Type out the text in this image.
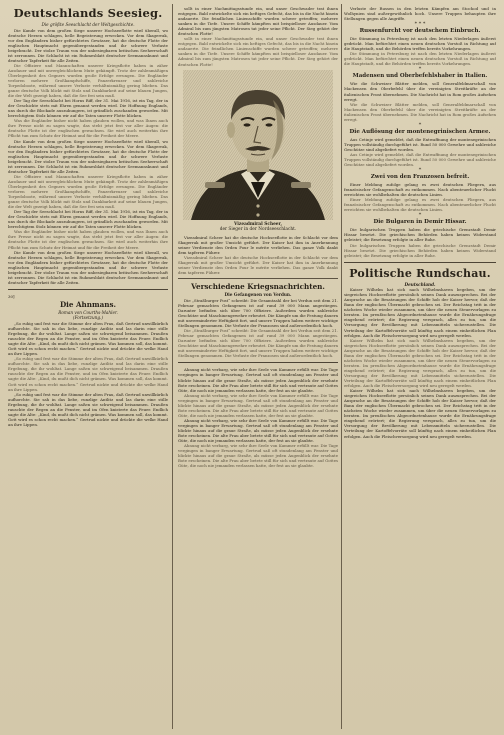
Deutschlands Seesieg.
Die größte Seeschlacht der Weltgeschichte.

Die Kunde von dem großen Siege unserer Hochseeflotte wird überall, wo deutsche Herzen schlagen, helle Begeisterung erwecken. Vor dem Skagerrak, vor den Engländern bisher gefürchtetes Gewässer, hat die deutsche Flotte der englischen Hauptmacht gegenübergestanden und ihr schwere Verluste beigebracht. Der stolze Traum von der unbesiegbaren britischen Seeherrschaft ist zerronnen. Die Schlacht ist ein Ruhmesblatt deutscher Seemannskunst und deutscher Tapferkeit für alle Zeiten.

Die Offiziere und Mannschaften unserer Kriegsflotte haben in zäher Ausdauer und mit unvergleichlichem Mute gekämpft. Trotz der zahlenmäßigen Überlegenheit des Gegners wurden große Erfolge errungen. Die Engländer verloren mehrere Großkampfschiffe, Panzerkreuzer und zahlreiche Torpedoboote, während unsere Verluste verhältnismäßig gering blieben. Das ganze deutsche Volk blickt mit Stolz und Dankbarkeit auf seine blauen Jungen, die der Welt gezeigt haben, daß die See frei sein muß.

Der Tag der Seeschlacht bei Horns Riff, der 31. Mai 1916, ist ein Tag, der in der Geschichte stets mit Ehren genannt werden wird. Die Hoffnung Englands, uns durch die Blockade auszuhungern, ist gründlich zuschanden geworden. Mit berechtigtem Stolz können wir auf die Taten unserer Flotte blicken.

Was die Engländer bisher nicht haben glauben wollen, und was Ihnen auch ihre Presse nicht zu sagen wagte, das steht jetzt fest vor aller Augen: die deutsche Flotte ist der englischen gewachsen. Sie wird auch weiterhin ihre Pflicht tun zum Schutz der Heimat und für die Freiheit der Meere.

Die Kunde von dem großen Siege unserer Hochseeflotte wird überall, wo deutsche Herzen schlagen, helle Begeisterung erwecken. Vor dem Skagerrak, vor den Engländern bisher gefürchtetes Gewässer, hat die deutsche Flotte der englischen Hauptmacht gegenübergestanden und ihr schwere Verluste beigebracht. Der stolze Traum von der unbesiegbaren britischen Seeherrschaft ist zerronnen. Die Schlacht ist ein Ruhmesblatt deutscher Seemannskunst und deutscher Tapferkeit für alle Zeiten.

Die Offiziere und Mannschaften unserer Kriegsflotte haben in zäher Ausdauer und mit unvergleichlichem Mute gekämpft. Trotz der zahlenmäßigen Überlegenheit des Gegners wurden große Erfolge errungen. Die Engländer verloren mehrere Großkampfschiffe, Panzerkreuzer und zahlreiche Torpedoboote, während unsere Verluste verhältnismäßig gering blieben. Das ganze deutsche Volk blickt mit Stolz und Dankbarkeit auf seine blauen Jungen, die der Welt gezeigt haben, daß die See frei sein muß.

Der Tag der Seeschlacht bei Horns Riff, der 31. Mai 1916, ist ein Tag, der in der Geschichte stets mit Ehren genannt werden wird. Die Hoffnung Englands, uns durch die Blockade auszuhungern, ist gründlich zuschanden geworden. Mit berechtigtem Stolz können wir auf die Taten unserer Flotte blicken.

Was die Engländer bisher nicht haben glauben wollen, und was Ihnen auch ihre Presse nicht zu sagen wagte, das steht jetzt fest vor aller Augen: die deutsche Flotte ist der englischen gewachsen. Sie wird auch weiterhin ihre Pflicht tun zum Schutz der Heimat und für die Freiheit der Meere.

Die Kunde von dem großen Siege unserer Hochseeflotte wird überall, wo deutsche Herzen schlagen, helle Begeisterung erwecken. Vor dem Skagerrak, vor den Engländern bisher gefürchtetes Gewässer, hat die deutsche Flotte der englischen Hauptmacht gegenübergestanden und ihr schwere Verluste beigebracht. Der stolze Traum von der unbesiegbaren britischen Seeherrschaft ist zerronnen. Die Schlacht ist ein Ruhmesblatt deutscher Seemannskunst und deutscher Tapferkeit für alle Zeiten.

30]
Die Ahnmans.
Roman von Courths-Mahler.
(Fortsetzung.)

„So ruhig und fest war die Stimme der alten Frau, daß Gertrud unwillkürlich aufhorchte. Sie sah in das liebe, runzlige Antlitz und las darin eine stille Ergebung, die ihr wohltat. Lange saßen sie schweigend beisammen. Draußen rauschte der Regen an die Fenster, und im Ofen knisterte das Feuer. Endlich sagte die Alte: „Kind, du mußt dich nicht grämen. Was kommen soll, das kommt. Gott wird es schon recht machen.“ Gertrud nickte und drückte die welke Hand an ihre Lippen.

„So ruhig und fest war die Stimme der alten Frau, daß Gertrud unwillkürlich aufhorchte. Sie sah in das liebe, runzlige Antlitz und las darin eine stille Ergebung, die ihr wohltat. Lange saßen sie schweigend beisammen. Draußen rauschte der Regen an die Fenster, und im Ofen knisterte das Feuer. Endlich sagte die Alte: „Kind, du mußt dich nicht grämen. Was kommen soll, das kommt. Gott wird es schon recht machen.“ Gertrud nickte und drückte die welke Hand an ihre Lippen.

„So ruhig und fest war die Stimme der alten Frau, daß Gertrud unwillkürlich aufhorchte. Sie sah in das liebe, runzlige Antlitz und las darin eine stille Ergebung, die ihr wohltat. Lange saßen sie schweigend beisammen. Draußen rauschte der Regen an die Fenster, und im Ofen knisterte das Feuer. Endlich sagte die Alte: „Kind, du mußt dich nicht grämen. Was kommen soll, das kommt. Gott wird es schon recht machen.“ Gertrud nickte und drückte die welke Hand an ihre Lippen.

sollt in einer Nachmittagsstunde ein, und unser Geschwader trat ihnen entgegen. Bald entwickelte sich ein heftiges Gefecht, das bis in die Nacht hinein andauerte. Die feindlichen Linienschiffe wurden schwer getroffen; mehrere sanken in die Tiefe. Unsere Schiffe kämpften mit beispielloser Ausdauer. Vom Admiral bis zum jüngsten Matrosen tat jeder seine Pflicht. Der Sieg gehört der deutschen Flotte!

sollt in einer Nachmittagsstunde ein, und unser Geschwader trat ihnen entgegen. Bald entwickelte sich ein heftiges Gefecht, das bis in die Nacht hinein andauerte. Die feindlichen Linienschiffe wurden schwer getroffen; mehrere sanken in die Tiefe. Unsere Schiffe kämpften mit beispielloser Ausdauer. Vom Admiral bis zum jüngsten Matrosen tat jeder seine Pflicht. Der Sieg gehört der deutschen Flotte!

Vizeadmiral Scheer,
der Sieger in der Nordseeschlacht.

Vizeadmiral Scheer hat die deutsche Hochseeflotte in der Schlacht vor dem Skagerrak mit großer Umsicht geführt. Der Kaiser hat ihm in Anerkennung seiner Verdienste den Orden Pour le mérite verliehen. Das ganze Volk dankt dem tapferen Führer.

Vizeadmiral Scheer hat die deutsche Hochseeflotte in der Schlacht vor dem Skagerrak mit großer Umsicht geführt. Der Kaiser hat ihm in Anerkennung seiner Verdienste den Orden Pour le mérite verliehen. Das ganze Volk dankt dem tapferen Führer.

Verschiedene Kriegsnachrichten.
Die Gefangenen von Verdun.

Die „Straßburger Post“ schreibt: Die Gesamtzahl der bei Verdun seit dem 21. Februar gemachten Gefangenen ist auf rund 39 000 Mann angestiegen. Darunter befinden sich über 700 Offiziere. Außerdem wurden zahlreiche Geschütze und Maschinengewehre erbeutet. Die Kämpfe um die Festung dauern mit unverminderter Heftigkeit fort, und unsere Truppen haben weitere wichtige Stellungen genommen. Die Verluste der Franzosen sind außerordentlich hoch.

Die „Straßburger Post“ schreibt: Die Gesamtzahl der bei Verdun seit dem 21. Februar gemachten Gefangenen ist auf rund 39 000 Mann angestiegen. Darunter befinden sich über 700 Offiziere. Außerdem wurden zahlreiche Geschütze und Maschinengewehre erbeutet. Die Kämpfe um die Festung dauern mit unverminderter Heftigkeit fort, und unsere Truppen haben weitere wichtige Stellungen genommen. Die Verluste der Franzosen sind außerordentlich hoch.

Ahnung nicht verbarg, wie sehr ihre Seele von Kummer erfüllt war. Die Tage vergingen in banger Erwartung. Gertrud saß oft stundenlang am Fenster und blickte hinaus auf die graue Straße, als müsse jeden Augenblick der ersehnte Bote erscheinen. Die alte Frau aber betete still für sich und vertraute auf Gottes Güte, die noch nie jemanden verlassen hatte, der fest an sie glaubte.

Ahnung nicht verbarg, wie sehr ihre Seele von Kummer erfüllt war. Die Tage vergingen in banger Erwartung. Gertrud saß oft stundenlang am Fenster und blickte hinaus auf die graue Straße, als müsse jeden Augenblick der ersehnte Bote erscheinen. Die alte Frau aber betete still für sich und vertraute auf Gottes Güte, die noch nie jemanden verlassen hatte, der fest an sie glaubte.

Ahnung nicht verbarg, wie sehr ihre Seele von Kummer erfüllt war. Die Tage vergingen in banger Erwartung. Gertrud saß oft stundenlang am Fenster und blickte hinaus auf die graue Straße, als müsse jeden Augenblick der ersehnte Bote erscheinen. Die alte Frau aber betete still für sich und vertraute auf Gottes Güte, die noch nie jemanden verlassen hatte, der fest an sie glaubte.

Ahnung nicht verbarg, wie sehr ihre Seele von Kummer erfüllt war. Die Tage vergingen in banger Erwartung. Gertrud saß oft stundenlang am Fenster und blickte hinaus auf die graue Straße, als müsse jeden Augenblick der ersehnte Bote erscheinen. Die alte Frau aber betete still für sich und vertraute auf Gottes Güte, die noch nie jemanden verlassen hatte, der fest an sie glaubte.

Verluste der Russen in den letzten Kämpfen am Stochod und in Wolhynien sind außergewöhnlich hoch. Unsere Truppen behaupten ihre Stellungen gegen alle Angriffe.

* * *
Russenfurcht vor deutschem Einbruch.

Die Stimmung in Petersburg ist nach den letzten Niederlagen äußerst gedrückt. Man befürchtet einen neuen deutschen Vorstoß in Richtung auf die Hauptstadt, und die Behörden treffen bereits Vorkehrungen.

Die Stimmung in Petersburg ist nach den letzten Niederlagen äußerst gedrückt. Man befürchtet einen neuen deutschen Vorstoß in Richtung auf die Hauptstadt, und die Behörden treffen bereits Vorkehrungen.

*
Madensen und Oberbefehlshaber in Italien.

Wie die Schweizer Blätter melden, soll Generalfeldmarschall von Mackensen den Oberbefehl über die vereinigten Streitkräfte an der italienischen Front übernehmen. Die Nachricht hat in Rom großes Aufsehen erregt.

Wie die Schweizer Blätter melden, soll Generalfeldmarschall von Mackensen den Oberbefehl über die vereinigten Streitkräfte an der italienischen Front übernehmen. Die Nachricht hat in Rom großes Aufsehen erregt.

*
Die Auflösung der montenegrinischen Armee.

Aus Cetinje wird gemeldet, daß die Entwaffnung der montenegrinischen Truppen vollständig durchgeführt ist. Rund 50 000 Gewehre und zahlreiche Geschütze sind abgeliefert worden.

Aus Cetinje wird gemeldet, daß die Entwaffnung der montenegrinischen Truppen vollständig durchgeführt ist. Rund 50 000 Gewehre und zahlreiche Geschütze sind abgeliefert worden.

*
Zwei von den Franzosen befreit.

Einer Meldung zufolge gelang es zwei deutschen Fliegern, aus französischer Gefangenschaft zu entkommen. Nach abenteuerlicher Flucht erreichten sie wohlbehalten die deutschen Linien.

Einer Meldung zufolge gelang es zwei deutschen Fliegern, aus französischer Gefangenschaft zu entkommen. Nach abenteuerlicher Flucht erreichten sie wohlbehalten die deutschen Linien.

*
Die Bulgaren in Demir Hissar.

Die bulgarischen Truppen haben die griechische Grenzstadt Demir Hissar besetzt. Die griechischen Behörden haben keinen Widerstand geleistet; die Besetzung erfolgte in aller Ruhe.

Die bulgarischen Truppen haben die griechische Grenzstadt Demir Hissar besetzt. Die griechischen Behörden haben keinen Widerstand geleistet; die Besetzung erfolgte in aller Ruhe.

Politische Rundschau.
Deutschland.

Kaiser Wilhelm hat sich nach Wilhelmshaven begeben, um der siegreichen Hochseeflotte persönlich seinen Dank auszusprechen. Bei der Ansprache an die Besatzungen der Schiffe hob der Kaiser hervor, daß der Bann der englischen Übermacht gebrochen sei. Der Reichstag tritt in der nächsten Woche wieder zusammen, um über die neuen Steuervorlagen zu beraten. Im preußischen Abgeordnetenhause wurde die Ernährungsfrage eingehend erörtert; die Regierung versprach, alles zu tun, um die Versorgung der Bevölkerung mit Lebensmitteln sicherzustellen. Die Verteilung der Kartoffelvorräte soll künftig nach einem einheitlichen Plan erfolgen. Auch die Fleischversorgung wird neu geregelt werden.

Kaiser Wilhelm hat sich nach Wilhelmshaven begeben, um der siegreichen Hochseeflotte persönlich seinen Dank auszusprechen. Bei der Ansprache an die Besatzungen der Schiffe hob der Kaiser hervor, daß der Bann der englischen Übermacht gebrochen sei. Der Reichstag tritt in der nächsten Woche wieder zusammen, um über die neuen Steuervorlagen zu beraten. Im preußischen Abgeordnetenhause wurde die Ernährungsfrage eingehend erörtert; die Regierung versprach, alles zu tun, um die Versorgung der Bevölkerung mit Lebensmitteln sicherzustellen. Die Verteilung der Kartoffelvorräte soll künftig nach einem einheitlichen Plan erfolgen. Auch die Fleischversorgung wird neu geregelt werden.

Kaiser Wilhelm hat sich nach Wilhelmshaven begeben, um der siegreichen Hochseeflotte persönlich seinen Dank auszusprechen. Bei der Ansprache an die Besatzungen der Schiffe hob der Kaiser hervor, daß der Bann der englischen Übermacht gebrochen sei. Der Reichstag tritt in der nächsten Woche wieder zusammen, um über die neuen Steuervorlagen zu beraten. Im preußischen Abgeordnetenhause wurde die Ernährungsfrage eingehend erörtert; die Regierung versprach, alles zu tun, um die Versorgung der Bevölkerung mit Lebensmitteln sicherzustellen. Die Verteilung der Kartoffelvorräte soll künftig nach einem einheitlichen Plan erfolgen. Auch die Fleischversorgung wird neu geregelt werden.
